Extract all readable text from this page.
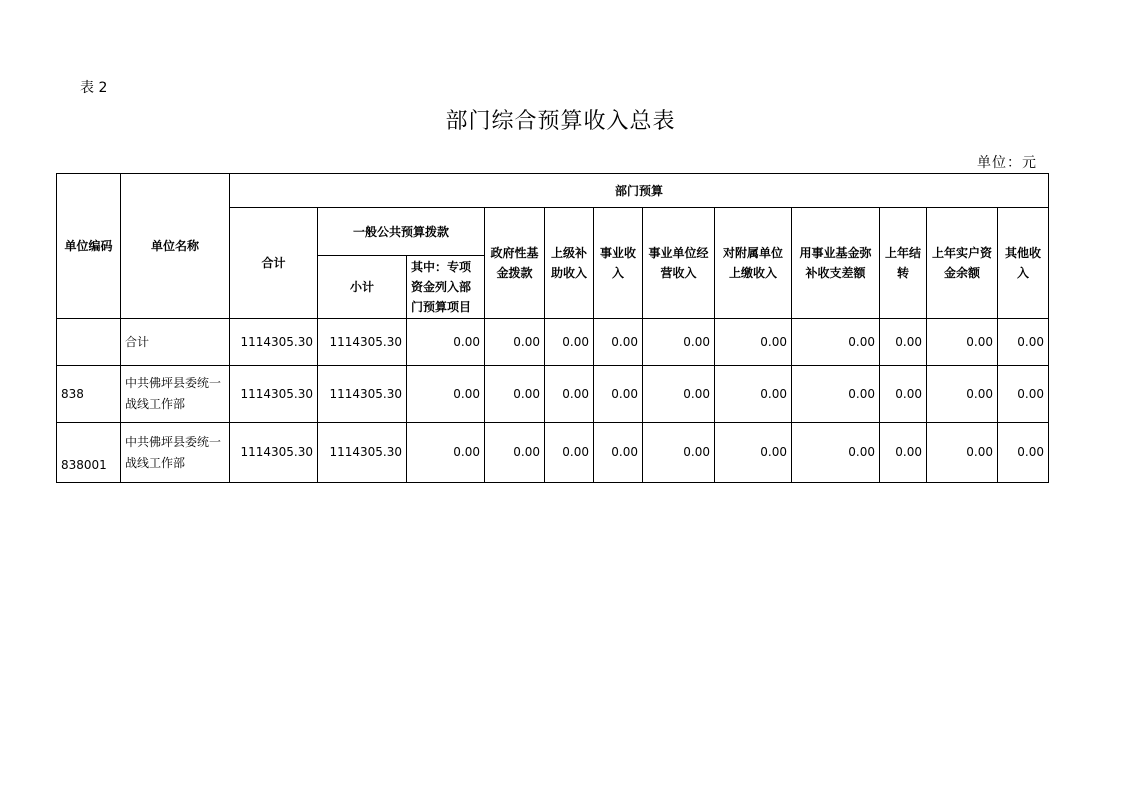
表 2
部门综合预算收入总表
单位：元
单位编码	单位名称	部门预算											
		合计	一般公共预算拨款		政府性基金拨款	上级补助收入	事业收入	事业单位经营收入	对附属单位上缴收入	用事业基金弥补收支差额	上年结转	上年实户资金余额	其他收入
			小计	其中：专项资金列入部门预算项目									
	合计	1114305.30	1114305.30	0.00	0.00	0.00	0.00	0.00	0.00	0.00	0.00	0.00	0.00
838	中共佛坪县委统一战线工作部	1114305.30	1114305.30	0.00	0.00	0.00	0.00	0.00	0.00	0.00	0.00	0.00	0.00
838001	中共佛坪县委统一战线工作部	1114305.30	1114305.30	0.00	0.00	0.00	0.00	0.00	0.00	0.00	0.00	0.00	0.00
